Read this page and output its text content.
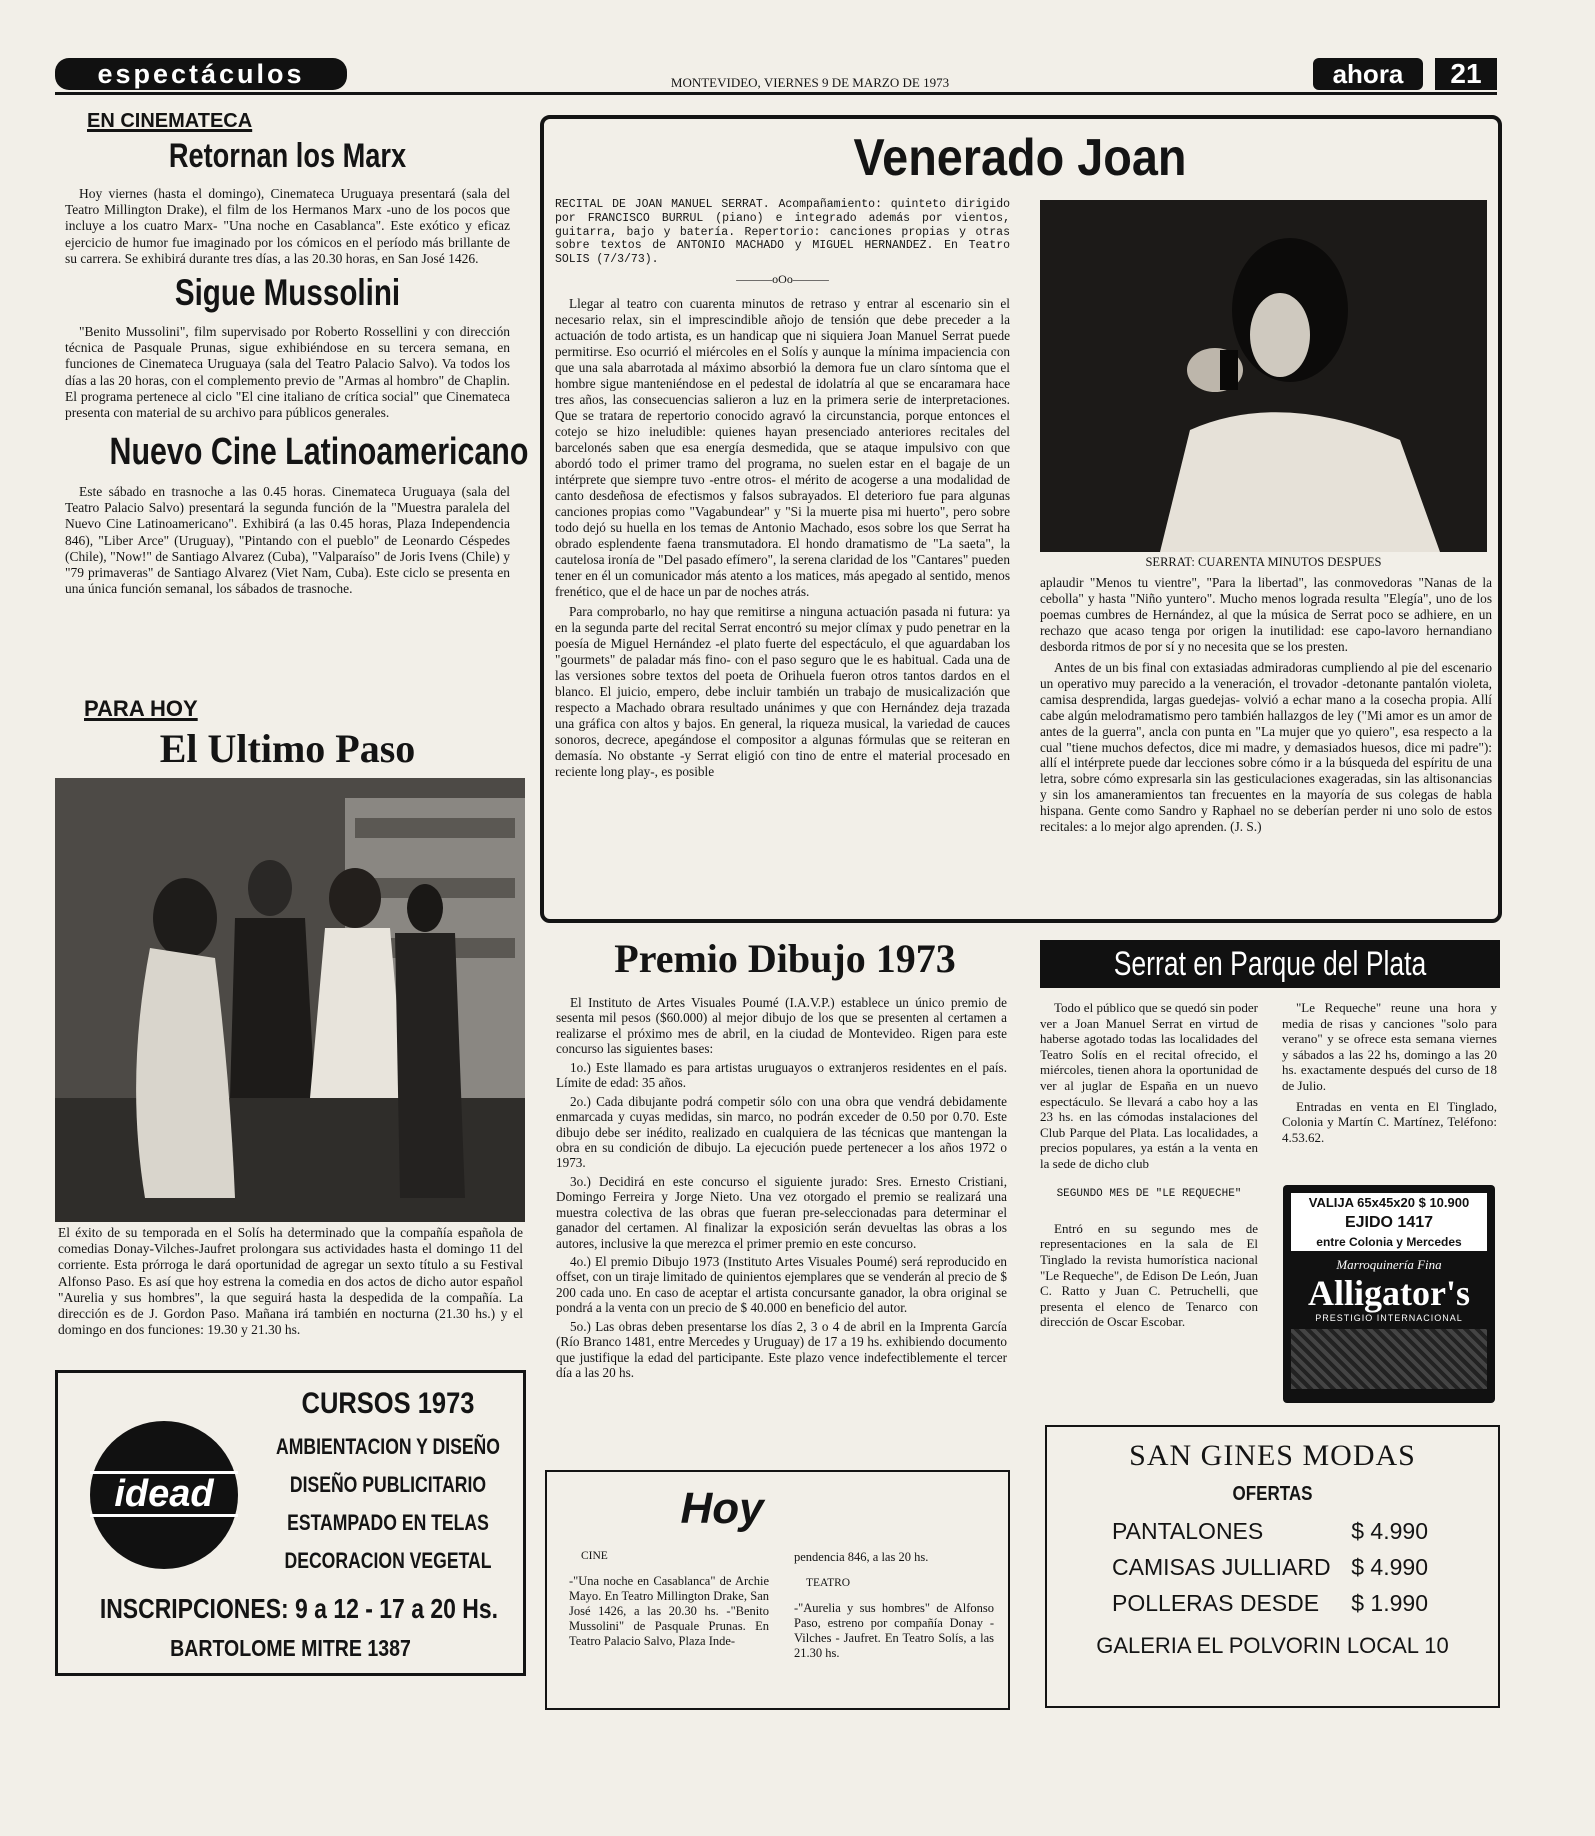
espectáculos	MONTEVIDEO, VIERNES 9 DE MARZO DE 1973	ahora	21
EN CINEMATECA
Retornan los Marx

Hoy viernes (hasta el domingo), Cinemateca Uruguaya presentará (sala del Teatro Millington Drake), el film de los Hermanos Marx -uno de los pocos que incluye a los cuatro Marx- "Una noche en Casablanca". Este exótico y eficaz ejercicio de humor fue imaginado por los cómicos en el período más brillante de su carrera. Se exhibirá durante tres días, a las 20.30 horas, en San José 1426.

Sigue Mussolini

"Benito Mussolini", film supervisado por Roberto Rossellini y con dirección técnica de Pasquale Prunas, sigue exhibiéndose en su tercera semana, en funciones de Cinemateca Uruguaya (sala del Teatro Palacio Salvo). Va todos los días a las 20 horas, con el complemento previo de "Armas al hombro" de Chaplin. El programa pertenece al ciclo "El cine italiano de crítica social" que Cinemateca presenta con material de su archivo para públicos generales.

Nuevo Cine Latinoamericano

Este sábado en trasnoche a las 0.45 horas. Cinemateca Uruguaya (sala del Teatro Palacio Salvo) presentará la segunda función de la "Muestra paralela del Nuevo Cine Latinoamericano". Exhibirá (a las 0.45 horas, Plaza Independencia 846), "Liber Arce" (Uruguay), "Pintando con el pueblo" de Leonardo Céspedes (Chile), "Now!" de Santiago Alvarez (Cuba), "Valparaíso" de Joris Ivens (Chile) y "79 primaveras" de Santiago Alvarez (Viet Nam, Cuba). Este ciclo se presenta en una única función semanal, los sábados de trasnoche.

PARA HOY
El Ultimo Paso

El éxito de su temporada en el Solís ha determinado que la compañía española de comedias Donay-Vilches-Jaufret prolongara sus actividades hasta el domingo 11 del corriente. Esta prórroga le dará oportunidad de agregar un sexto título a su Festival Alfonso Paso. Es así que hoy estrena la comedia en dos actos de dicho autor español "Aurelia y sus hombres", la que seguirá hasta la despedida de la compañía. La dirección es de J. Gordon Paso. Mañana irá también en nocturna (21.30 hs.) y el domingo en dos funciones: 19.30 y 21.30 hs.

idead
CURSOS 1973
AMBIENTACION Y DISEÑO
DISEÑO PUBLICITARIO
ESTAMPADO EN TELAS
DECORACION VEGETAL
INSCRIPCIONES: 9 a 12 - 17 a 20 Hs.
BARTOLOME MITRE 1387
Venerado Joan

RECITAL DE JOAN MANUEL SERRAT. Acompañamiento: quinteto dirigido por FRANCISCO BURRUL (piano) e integrado además por vientos, guitarra, bajo y batería. Repertorio: canciones propias y otras sobre textos de ANTONIO MACHADO y MIGUEL HERNANDEZ. En Teatro SOLIS (7/3/73).

———oOo———

Llegar al teatro con cuarenta minutos de retraso y entrar al escenario sin el necesario relax, sin el imprescindible añojo de tensión que debe preceder a la actuación de todo artista, es un handicap que ni siquiera Joan Manuel Serrat puede permitirse. Eso ocurrió el miércoles en el Solís y aunque la mínima impaciencia con que una sala abarrotada al máximo absorbió la demora fue un claro síntoma que el hombre sigue manteniéndose en el pedestal de idolatría al que se encaramara hace tres años, las consecuencias salieron a luz en la primera serie de interpretaciones. Que se tratara de repertorio conocido agravó la circunstancia, porque entonces el cotejo se hizo ineludible: quienes hayan presenciado anteriores recitales del barcelonés saben que esa energía desmedida, que se ataque impulsivo con que abordó todo el primer tramo del programa, no suelen estar en el bagaje de un intérprete que siempre tuvo -entre otros- el mérito de acogerse a una modalidad de canto desdeñosa de efectismos y falsos subrayados. El deterioro fue para algunas canciones propias como "Vagabundear" y "Si la muerte pisa mi huerto", pero sobre todo dejó su huella en los temas de Antonio Machado, esos sobre los que Serrat ha obrado esplendente faena transmutadora. El hondo dramatismo de "La saeta", la cautelosa ironía de "Del pasado efímero", la serena claridad de los "Cantares" pueden tener en él un comunicador más atento a los matices, más apegado al sentido, menos frenético, que el de hace un par de noches atrás.

Para comprobarlo, no hay que remitirse a ninguna actuación pasada ni futura: ya en la segunda parte del recital Serrat encontró su mejor clímax y pudo penetrar en la poesía de Miguel Hernández -el plato fuerte del espectáculo, el que aguardaban los "gourmets" de paladar más fino- con el paso seguro que le es habitual. Cada una de las versiones sobre textos del poeta de Orihuela fueron otros tantos dardos en el blanco. El juicio, empero, debe incluir también un trabajo de musicalización que respecto a Machado obrara resultado unánimes y que con Hernández deja trazada una gráfica con altos y bajos. En general, la riqueza musical, la variedad de cauces sonoros, decrece, apegándose el compositor a algunas fórmulas que se reiteran en demasía. No obstante -y Serrat eligió con tino de entre el material procesado en reciente long play-, es posible

SERRAT: CUARENTA MINUTOS DESPUES

aplaudir "Menos tu vientre", "Para la libertad", las conmovedoras "Nanas de la cebolla" y hasta "Niño yuntero". Mucho menos lograda resulta "Elegía", uno de los poemas cumbres de Hernández, al que la música de Serrat poco se adhiere, en un rechazo que acaso tenga por origen la inutilidad: ese capo-lavoro hernandiano desborda ritmos de por sí y no necesita que se los presten.

Antes de un bis final con extasiadas admiradoras cumpliendo al pie del escenario un operativo muy parecido a la veneración, el trovador -detonante pantalón violeta, camisa desprendida, largas guedejas- volvió a echar mano a la cosecha propia. Allí cabe algún melodramatismo pero también hallazgos de ley ("Mi amor es un amor de antes de la guerra", ancla con punta en "La mujer que yo quiero", esa respecto a la cual "tiene muchos defectos, dice mi madre, y demasiados huesos, dice mi padre"): allí el intérprete puede dar lecciones sobre cómo ir a la búsqueda del espíritu de una letra, sobre cómo expresarla sin las gesticulaciones exageradas, sin las altisonancias y sin los amaneramientos tan frecuentes en la mayoría de sus colegas de habla hispana. Gente como Sandro y Raphael no se deberían perder ni uno solo de estos recitales: a lo mejor algo aprenden. (J. S.)

Premio Dibujo 1973

El Instituto de Artes Visuales Poumé (I.A.V.P.) establece un único premio de sesenta mil pesos ($60.000) al mejor dibujo de los que se presenten al certamen a realizarse el próximo mes de abril, en la ciudad de Montevideo. Rigen para este concurso las siguientes bases:

1o.) Este llamado es para artistas uruguayos o extranjeros residentes en el país. Límite de edad: 35 años.

2o.) Cada dibujante podrá competir sólo con una obra que vendrá debidamente enmarcada y cuyas medidas, sin marco, no podrán exceder de 0.50 por 0.70. Este dibujo debe ser inédito, realizado en cualquiera de las técnicas que mantengan la obra en su condición de dibujo. La ejecución puede pertenecer a los años 1972 o 1973.

3o.) Decidirá en este concurso el siguiente jurado: Sres. Ernesto Cristiani, Domingo Ferreira y Jorge Nieto. Una vez otorgado el premio se realizará una muestra colectiva de las obras que fueran pre-seleccionadas para determinar el ganador del certamen. Al finalizar la exposición serán devueltas las obras a los autores, inclusive la que merezca el primer premio en este concurso.

4o.) El premio Dibujo 1973 (Instituto Artes Visuales Poumé) será reproducido en offset, con un tiraje limitado de quinientos ejemplares que se venderán al precio de $ 200 cada uno. En caso de aceptar el artista concursante ganador, la obra original se pondrá a la venta con un precio de $ 40.000 en beneficio del autor.

5o.) Las obras deben presentarse los días 2, 3 o 4 de abril en la Imprenta García (Río Branco 1481, entre Mercedes y Uruguay) de 17 a 19 hs. exhibiendo documento que justifique la edad del participante. Este plazo vence indefectiblemente el tercer día a las 20 hs.

Hoy
CINE
-"Una noche en Casablanca" de Archie Mayo. En Teatro Millington Drake, San José 1426, a las 20.30 hs. -"Benito Mussolini" de Pasquale Prunas. En Teatro Palacio Salvo, Plaza Inde-
pendencia 846, a las 20 hs.
TEATRO
-"Aurelia y sus hombres" de Alfonso Paso, estreno por compañía Donay - Vilches - Jaufret. En Teatro Solís, a las 21.30 hs.
Serrat en Parque del Plata

Todo el público que se quedó sin poder ver a Joan Manuel Serrat en virtud de haberse agotado todas las localidades del Teatro Solís en el recital ofrecido, el miércoles, tienen ahora la oportunidad de ver al juglar de España en un nuevo espectáculo. Se llevará a cabo hoy a las 23 hs. en las cómodas instalaciones del Club Parque del Plata. Las localidades, a precios populares, ya están a la venta en la sede de dicho club

SEGUNDO MES DE "LE REQUECHE"

Entró en su segundo mes de representaciones en la sala de El Tinglado la revista humorística nacional "Le Requeche", de Edison De León, Juan C. Ratto y Juan C. Petruchelli, que presenta el elenco de Tenarco con dirección de Oscar Escobar.

"Le Requeche" reune una hora y media de risas y canciones "solo para verano" y se ofrece esta semana viernes y sábados a las 22 hs, domingo a las 20 hs. exactamente después del curso de 18 de Julio.

Entradas en venta en El Tinglado, Colonia y Martín C. Martínez, Teléfono: 4.53.62.

VALIJA 65x45x20 $ 10.900
EJIDO 1417
entre Colonia y Mercedes
Marroquinería Fina
Alligator's
PRESTIGIO INTERNACIONAL
SAN GINES MODAS
OFERTAS
PANTALONES	$ 4.990
CAMISAS JULLIARD $ 4.990
POLLERAS DESDE $ 1.990
GALERIA EL POLVORIN LOCAL 10
